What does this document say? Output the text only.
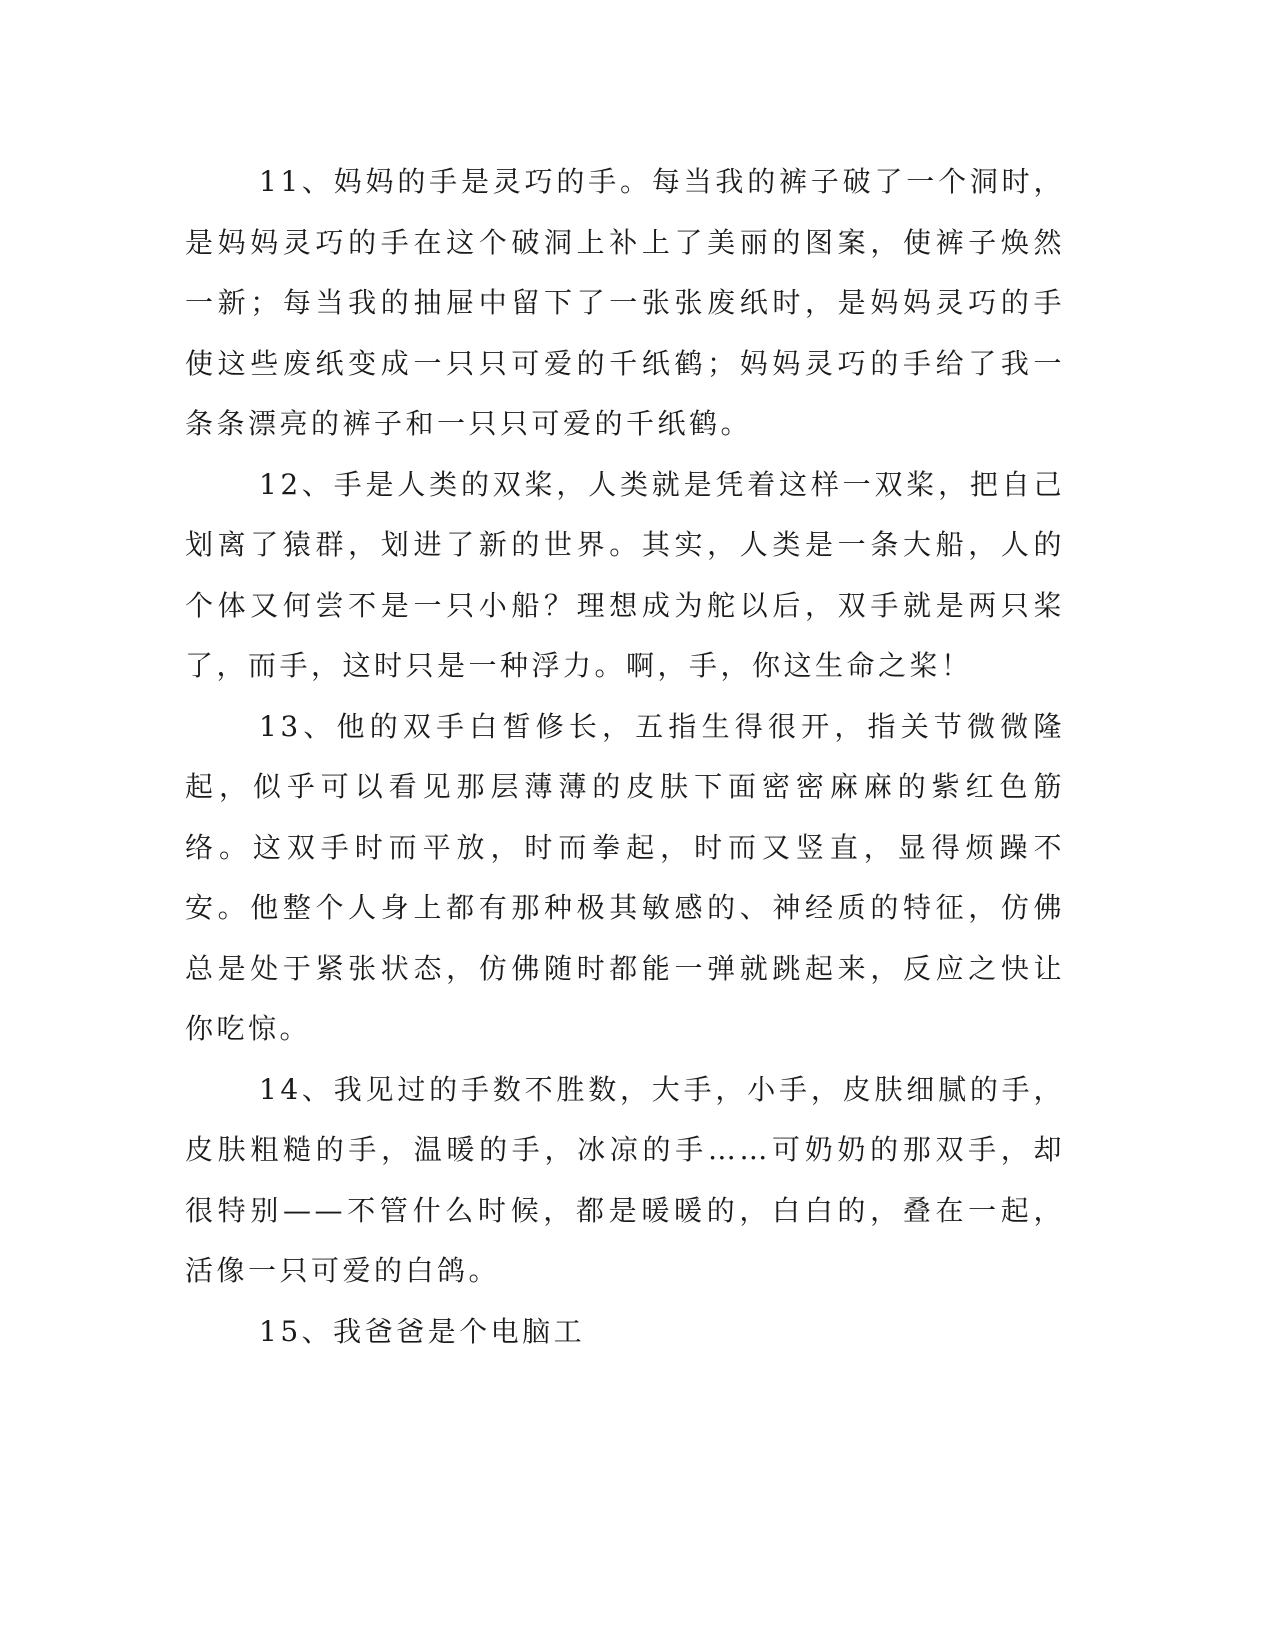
11、妈妈的手是灵巧的手。每当我的裤子破了一个洞时，是妈妈灵巧的手在这个破洞上补上了美丽的图案，使裤子焕然一新；每当我的抽屉中留下了一张张废纸时，是妈妈灵巧的手使这些废纸变成一只只可爱的千纸鹤；妈妈灵巧的手给了我一条条漂亮的裤子和一只只可爱的千纸鹤。

12、手是人类的双桨，人类就是凭着这样一双桨，把自己划离了猿群，划进了新的世界。其实，人类是一条大船，人的个体又何尝不是一只小船？理想成为舵以后，双手就是两只桨了，而手，这时只是一种浮力。啊，手，你这生命之桨！

13、他的双手白皙修长，五指生得很开，指关节微微隆起，似乎可以看见那层薄薄的皮肤下面密密麻麻的紫红色筋络。这双手时而平放，时而拳起，时而又竖直，显得烦躁不安。他整个人身上都有那种极其敏感的、神经质的特征，仿佛总是处于紧张状态，仿佛随时都能一弹就跳起来，反应之快让你吃惊。

14、我见过的手数不胜数，大手，小手，皮肤细腻的手，皮肤粗糙的手，温暖的手，冰凉的手……可奶奶的那双手，却很特别——不管什么时候，都是暖暖的，白白的，叠在一起，活像一只可爱的白鸽。

15、我爸爸是个电脑工
